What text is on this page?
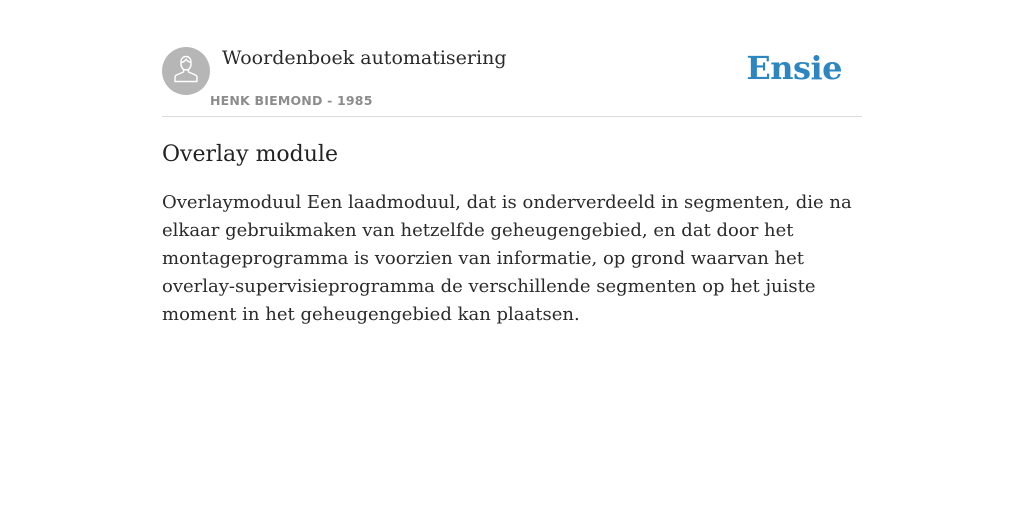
Woordenboek automatisering
HENK BIEMOND - 1985
Ensie
Overlay module

Overlaymoduul Een laadmoduul, dat is onderverdeeld in segmenten, die na elkaar gebruikmaken van hetzelfde geheugengebied, en dat door het montageprogramma is voorzien van informatie, op grond waarvan het overlay-supervisieprogramma de verschillende segmenten op het juiste moment in het geheugengebied kan plaatsen.
